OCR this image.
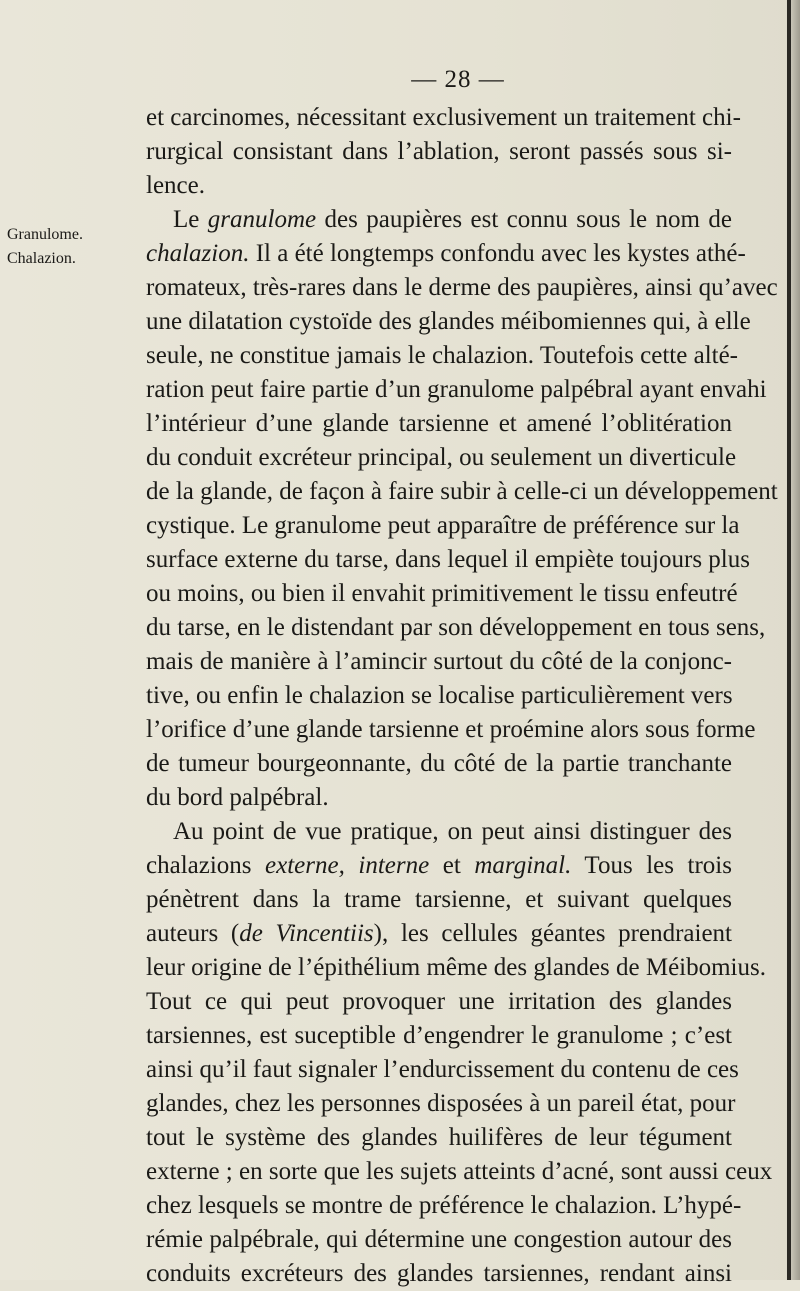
— 28 —
Granulome.
Chalazion.
et carcinomes, nécessitant exclusivement un traitement chi-
rurgical consistant dans l’ablation, seront passés sous si-
lence.
Le granulome des paupières est connu sous le nom de
chalazion. Il a été longtemps confondu avec les kystes athé-
romateux, très-rares dans le derme des paupières, ainsi qu’avec
une dilatation cystoïde des glandes méibomiennes qui, à elle
seule, ne constitue jamais le chalazion. Toutefois cette alté-
ration peut faire partie d’un granulome palpébral ayant envahi
l’intérieur d’une glande tarsienne et amené l’oblitération
du conduit excréteur principal, ou seulement un diverticule
de la glande, de façon à faire subir à celle-ci un développement
cystique. Le granulome peut apparaître de préférence sur la
surface externe du tarse, dans lequel il empiète toujours plus
ou moins, ou bien il envahit primitivement le tissu enfeutré
du tarse, en le distendant par son développement en tous sens,
mais de manière à l’amincir surtout du côté de la conjonc-
tive, ou enfin le chalazion se localise particulièrement vers
l’orifice d’une glande tarsienne et proémine alors sous forme
de tumeur bourgeonnante, du côté de la partie tranchante
du bord palpébral.
Au point de vue pratique, on peut ainsi distinguer des
chalazions externe, interne et marginal. Tous les trois
pénètrent dans la trame tarsienne, et suivant quelques
auteurs (de Vincentiis), les cellules géantes prendraient
leur origine de l’épithélium même des glandes de Méibomius.
Tout ce qui peut provoquer une irritation des glandes
tarsiennes, est suceptible d’engendrer le granulome ; c’est
ainsi qu’il faut signaler l’endurcissement du contenu de ces
glandes, chez les personnes disposées à un pareil état, pour
tout le système des glandes huilifères de leur tégument
externe ; en sorte que les sujets atteints d’acné, sont aussi ceux
chez lesquels se montre de préférence le chalazion. L’hypé-
rémie palpébrale, qui détermine une congestion autour des
conduits excréteurs des glandes tarsiennes, rendant ainsi
